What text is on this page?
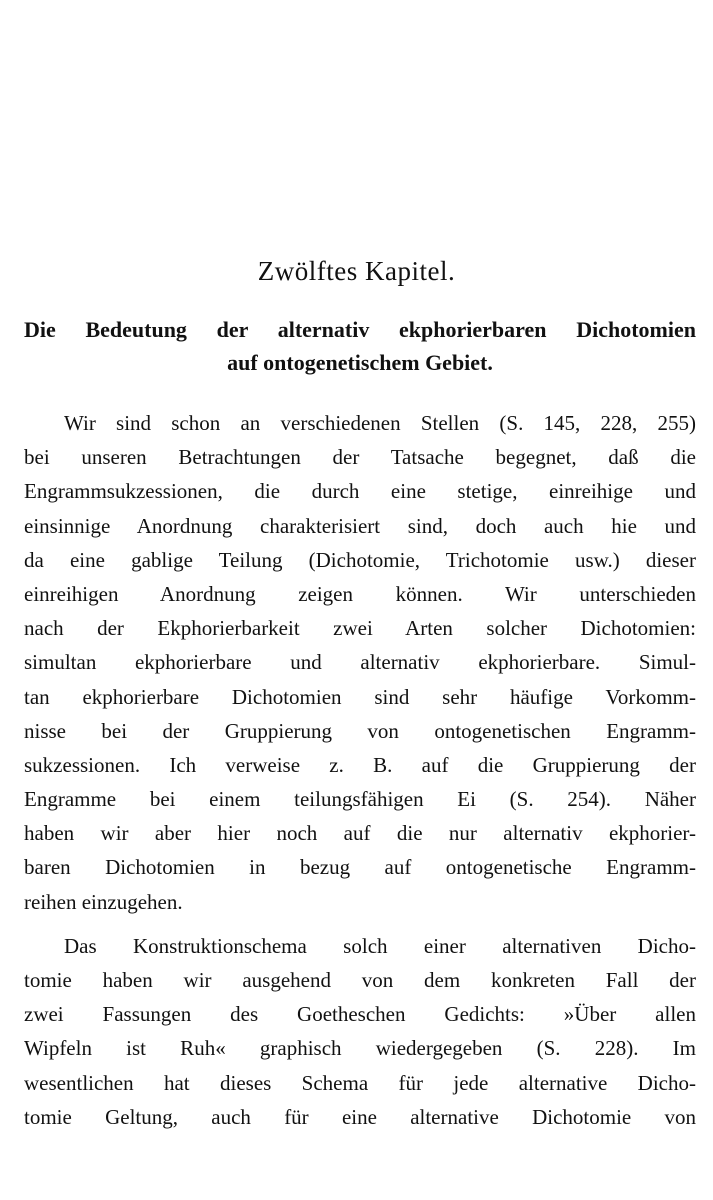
Zwölftes Kapitel.
Die Bedeutung der alternativ ekphorierbaren Dichotomien
auf ontogenetischem Gebiet.
Wir sind schon an verschiedenen Stellen (S. 145, 228, 255)
bei unseren Betrachtungen der Tatsache begegnet, daß die
Engrammsukzessionen, die durch eine stetige, einreihige und
einsinnige Anordnung charakterisiert sind, doch auch hie und
da eine gablige Teilung (Dichotomie, Trichotomie usw.) dieser
einreihigen Anordnung zeigen können. Wir unterschieden
nach der Ekphorierbarkeit zwei Arten solcher Dichotomien:
simultan ekphorierbare und alternativ ekphorierbare. Simul-
tan ekphorierbare Dichotomien sind sehr häufige Vorkomm-
nisse bei der Gruppierung von ontogenetischen Engramm-
sukzessionen. Ich verweise z. B. auf die Gruppierung der
Engramme bei einem teilungsfähigen Ei (S. 254). Näher
haben wir aber hier noch auf die nur alternativ ekphorier-
baren Dichotomien in bezug auf ontogenetische Engramm-
reihen einzugehen.
Das Konstruktionschema solch einer alternativen Dicho-
tomie haben wir ausgehend von dem konkreten Fall der
zwei Fassungen des Goetheschen Gedichts: »Über allen
Wipfeln ist Ruh« graphisch wiedergegeben (S. 228). Im
wesentlichen hat dieses Schema für jede alternative Dicho-
tomie Geltung, auch für eine alternative Dichotomie von
